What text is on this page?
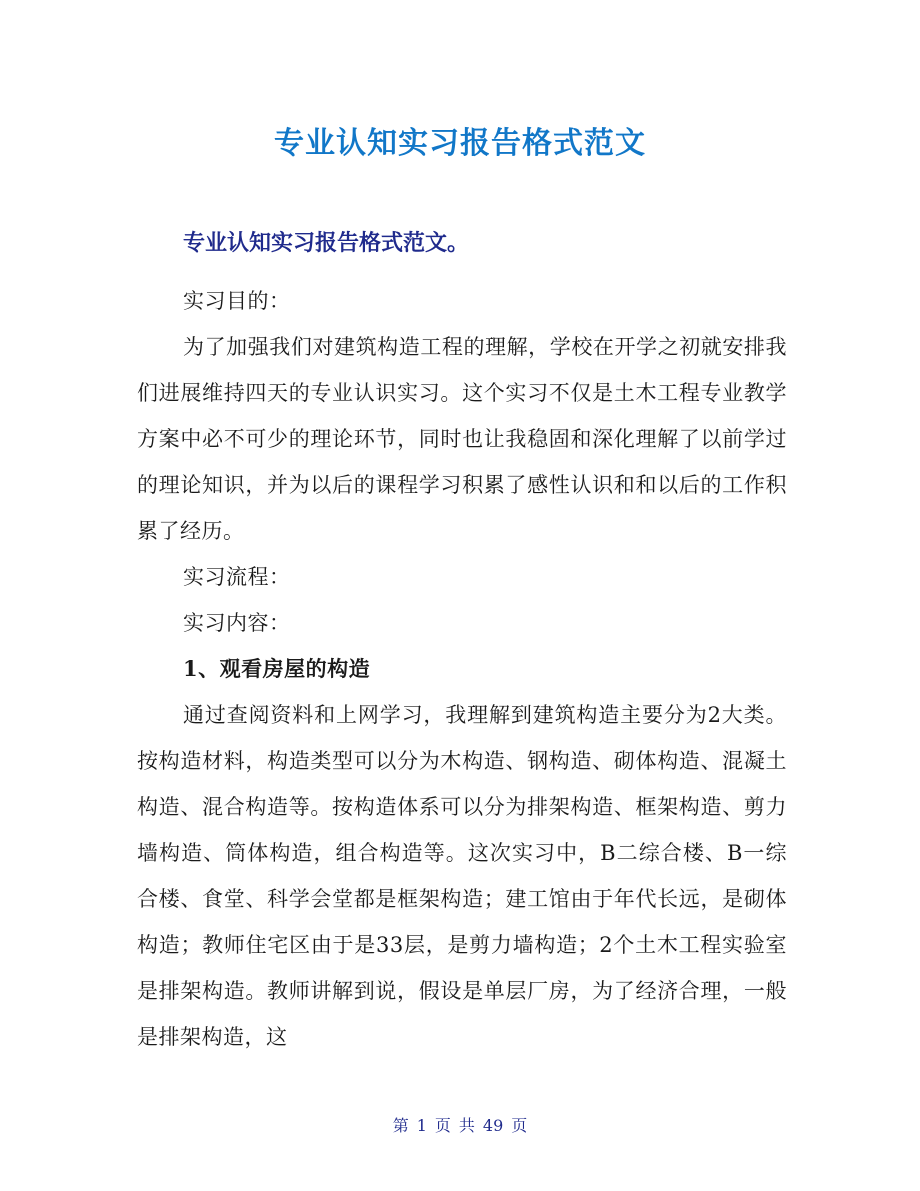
专业认知实习报告格式范文
专业认知实习报告格式范文。

实习目的：

为了加强我们对建筑构造工程的理解，学校在开学之初就安排我们进展维持四天的专业认识实习。这个实习不仅是土木工程专业教学方案中必不可少的理论环节，同时也让我稳固和深化理解了以前学过的理论知识，并为以后的课程学习积累了感性认识和和以后的工作积累了经历。

实习流程：

实习内容：

1、观看房屋的构造

通过查阅资料和上网学习，我理解到建筑构造主要分为2大类。按构造材料，构造类型可以分为木构造、钢构造、砌体构造、混凝土构造、混合构造等。按构造体系可以分为排架构造、框架构造、剪力墙构造、筒体构造，组合构造等。这次实习中，B二综合楼、B一综合楼、食堂、科学会堂都是框架构造；建工馆由于年代长远，是砌体构造；教师住宅区由于是33层，是剪力墙构造；2个土木工程实验室是排架构造。教师讲解到说，假设是单层厂房，为了经济合理，一般是排架构造，这

第 1 页 共 49 页
